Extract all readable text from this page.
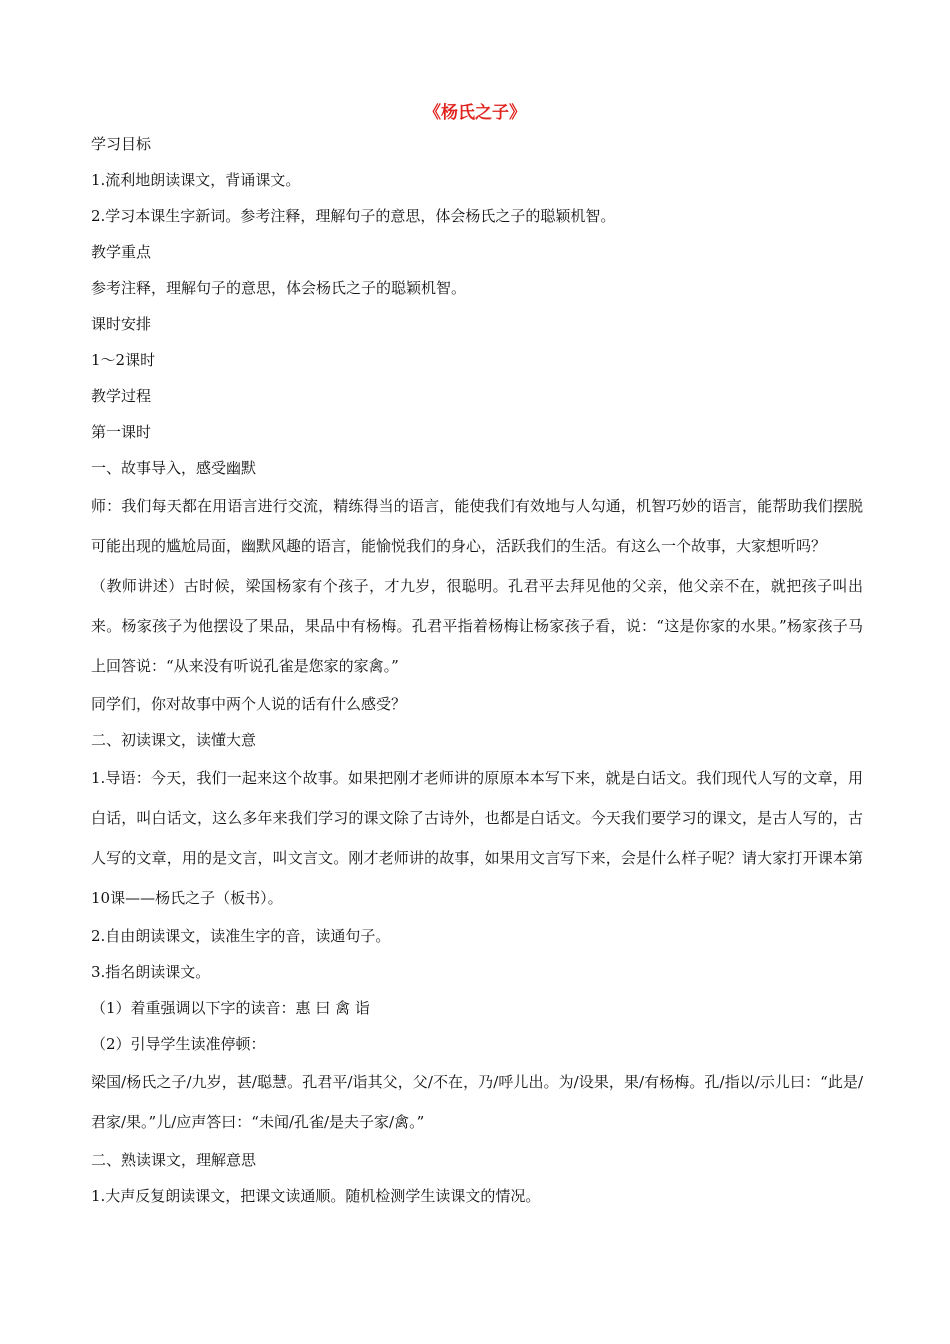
《杨氏之子》
学习目标
1.流利地朗读课文，背诵课文。
2.学习本课生字新词。参考注释，理解句子的意思，体会杨氏之子的聪颖机智。
教学重点
参考注释，理解句子的意思，体会杨氏之子的聪颖机智。
课时安排
1～2课时
教学过程
第一课时
一、故事导入，感受幽默
师：我们每天都在用语言进行交流，精练得当的语言，能使我们有效地与人勾通，机智巧妙的语言，能帮助我们摆脱可能出现的尴尬局面，幽默风趣的语言，能愉悦我们的身心，活跃我们的生活。有这么一个故事，大家想听吗？
（教师讲述）古时候，梁国杨家有个孩子，才九岁，很聪明。孔君平去拜见他的父亲，他父亲不在，就把孩子叫出来。杨家孩子为他摆设了果品，果品中有杨梅。孔君平指着杨梅让杨家孩子看，说：“这是你家的水果。”杨家孩子马上回答说：“从来没有听说孔雀是您家的家禽。”
同学们，你对故事中两个人说的话有什么感受？
二、初读课文，读懂大意
1.导语：今天，我们一起来这个故事。如果把刚才老师讲的原原本本写下来，就是白话文。我们现代人写的文章，用白话，叫白话文，这么多年来我们学习的课文除了古诗外，也都是白话文。今天我们要学习的课文，是古人写的，古人写的文章，用的是文言，叫文言文。刚才老师讲的故事，如果用文言写下来，会是什么样子呢？请大家打开课本第10课——杨氏之子（板书）。
2.自由朗读课文，读准生字的音，读通句子。
3.指名朗读课文。
（1）着重强调以下字的读音：惠 曰 禽 诣
（2）引导学生读准停顿：
梁国/杨氏之子/九岁，甚/聪慧。孔君平/诣其父，父/不在，乃/呼儿出。为/设果，果/有杨梅。孔/指以/示儿曰：“此是/君家/果。”儿/应声答曰：“未闻/孔雀/是夫子家/禽。”
二、熟读课文，理解意思
1.大声反复朗读课文，把课文读通顺。随机检测学生读课文的情况。
